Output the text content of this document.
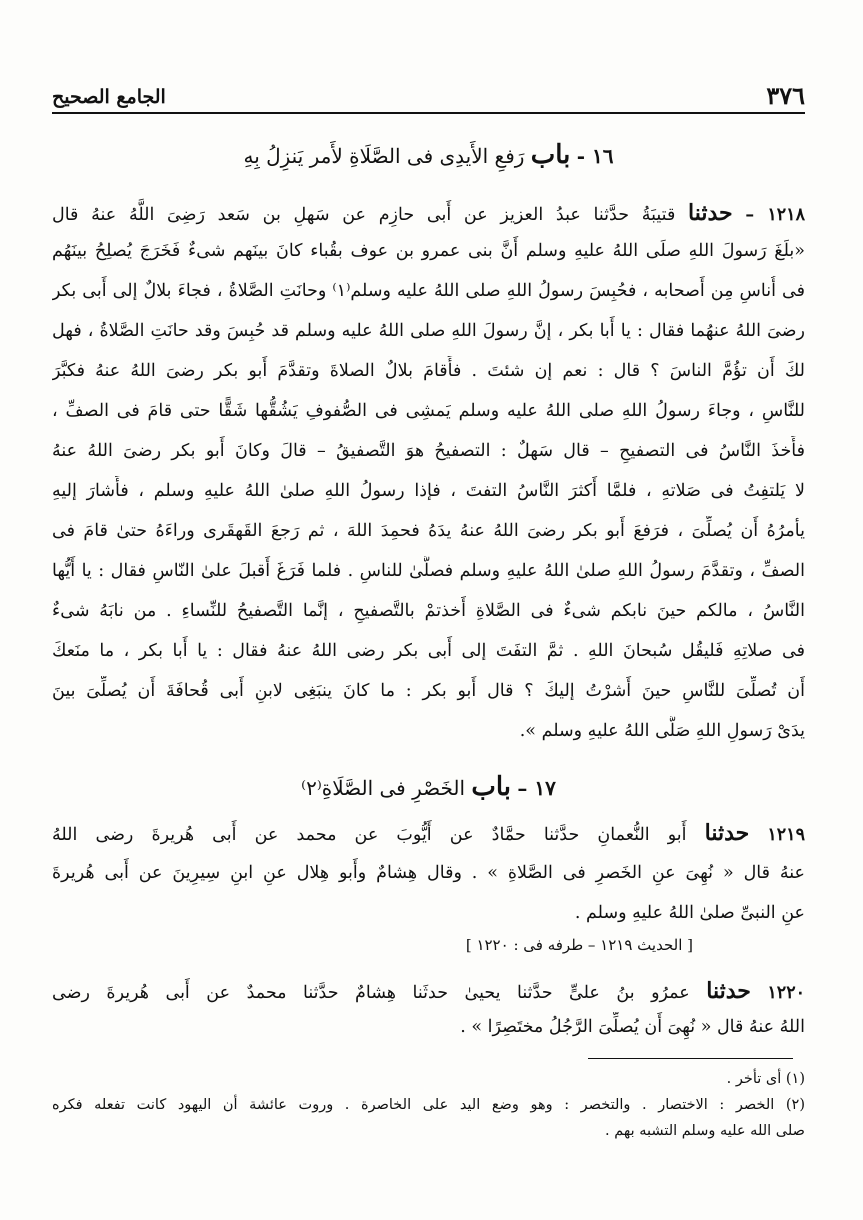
٣٧٦
الجامع الصحيح
١٦ - باب رَفعِ الأَيدِى فى الصَّلَاةِ لأَمر يَنزِلُ بِهِ
١٢١٨ – حدثنا قتيبَةُ حدَّثنا عبدُ العزيز عن أَبى حازِم عن سَهلِ بن سَعد رَضِىَ اللَّهُ عنهُ قال
«بلَغَ رَسولَ اللهِ صلَى اللهُ عليهِ وسلم أَنَّ بنى عمرو بن عوف بقُباء كانَ بينَهم شىءٌ فَخَرَجَ يُصلِحُ بينَهُم
فى أُناسِ مِن أَصحابه ، فحُبِسَ رسولُ اللهِ صلى اللهُ عليه وسلم⁽١⁾ وحانَتِ الصَّلاةُ ، فجاءَ بلالٌ إلى أَبى بكر
رضىَ اللهُ عنهُما فقال : يا أَبا بكر ، إنَّ رسولَ اللهِ صلى اللهُ عليه وسلم قد حُبِسَ وقد حانَتِ الصَّلاةُ ، فهل
لكَ أَن تؤُمَّ الناسَ ؟ قال : نعم إن شئتَ . فأَقامَ بلالٌ الصلاةَ وتقدَّمَ أَبو بكر رضىَ اللهُ عنهُ فكبَّرَ
للنَّاسِ ، وجاءَ رسولُ اللهِ صلى اللهُ عليه وسلم يَمشِى فى الصُّفوفِ يَشُقُّها شَقًّا حتى قامَ فى الصفِّ ،
فأَخذَ النَّاسُ فى التصفيحِ – قال سَهلٌ : التصفيحُ هوَ التَّصفيقُ – قالَ وكانَ أَبو بكر رضىَ اللهُ عنهُ
لا يَلتفِتُ فى صَلاتهِ ، فلمَّا أَكثرَ النَّاسُ التفتَ ، فإذا رسولُ اللهِ صلىٰ اللهُ عليهِ وسلم ، فأَشارَ إليهِ
يأمرُهُ أَن يُصلِّىَ ، فرَفعَ أَبو بكر رضىَ اللهُ عنهُ يدَهُ فحمِدَ اللهَ ، ثم رَجعَ القَهقَرى وراءَهُ حتىٰ قامَ فى
الصفِّ ، وتقدَّمَ رسولُ اللهِ صلىٰ اللهُ عليهِ وسلم فصلَّىٰ للناسِ . فلما فَرَغَ أَقبلَ علىٰ النّاسِ فقال : يا أَيُّها
النَّاسُ ، مالكم حينَ نابكم شىءٌ فى الصَّلاةِ أَخذتمْ بالتَّصفيحِ ، إنَّما التَّصفيحُ للنِّساءِ . من نابَهُ شىءٌ
فى صلاتِهِ فَليقُل سُبحانَ اللهِ . ثمَّ التفَتَ إلى أَبى بكر رضى اللهُ عنهُ فقال : يا أَبا بكر ، ما منَعكَ
أَن تُصلِّىَ للنَّاسِ حينَ أَشرْتُ إليكَ ؟ قال أَبو بكر : ما كانَ ينبَغِى لابنِ أَبى قُحافَةَ أَن يُصلِّىَ بينَ
يدَىْ رَسولِ اللهِ صَلَّى اللهُ عليهِ وسلم ».
١٧ – باب الخَصْرِ فى الصَّلَاةِ⁽٢⁾
١٢١٩ حدثنا أَبو النُّعمانِ حدَّثنا حمَّادٌ عن أَيُّوبَ عن محمد عن أَبى هُريرةَ رضى اللهُ
عنهُ قال « نُهِىَ عنِ الخَصرِ فى الصَّلاةِ » . وقال هِشامٌ وأَبو هِلال عنِ ابنِ سِيرِينَ عن أَبى هُريرةَ
عنِ النبىِّ صلىٰ اللهُ عليهِ وسلم .
[ الحديث ١٢١٩ – طرفه فى : ١٢٢٠ ]
١٢٢٠ حدثنا عمرُو بنُ علىٍّ حدَّثنا يحيىٰ حدثَنا هِشامٌ حدَّثنا محمدٌ عن أَبى هُريرةَ رضى
اللهُ عنهُ قال « نُهِىَ أَن يُصلِّىَ الرَّجُلُ مختَصِرًا » .
(١) أى تأخر .
(٢) الخصر : الاختصار . والتخصر : وهو وضع اليد على الخاصرة . وروت عائشة أن اليهود كانت تفعله فكره
صلى الله عليه وسلم التشبه بهم .
